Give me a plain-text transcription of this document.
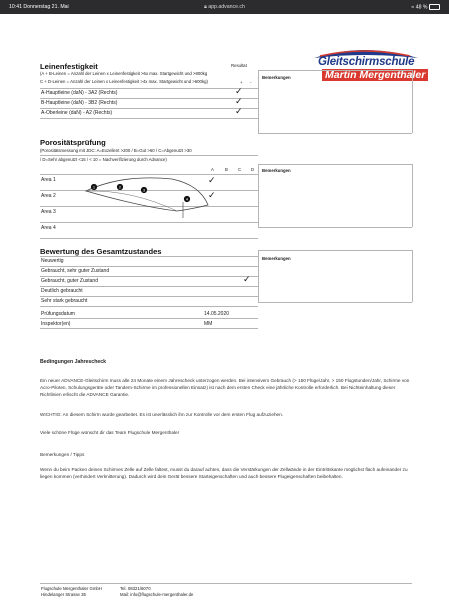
10:41 Donnerstag 21. Mai	🔒︎ app.advance.ch	≈ 48 %
Gleitschirmschule
Martin Mergenthaler
Leinenfestigkeit	Resultat
(A + B-Leinen = Anzahl der Leinen x Leinenfestigkeit >6x max. Startgewicht und >800kg
C + D-Leinen = Anzahl der Leinen x Leinenfestigkeit >4x max. Startgewicht und >600kg)	+ -
Bemerkungen
A-Hauptleine (daN) - 3A2 (Rechts)	✓
B-Hauptleine (daN) - 3B2 (Rechts)	✓
A-Oberleine (daN) - A2 (Rechts)	✓
Porositätsprüfung
(Porositätsmessung mit JDC: A=Exzellent >200 / B=Gut >60 / C=Abgenutzt >30
/ D=Sehr abgenutzt <15 / < 10 = Nachverifizierung durch Advance)
Bemerkungen
A	B C D
Area 1	✓
Area 2	✓
Area 3
Area 4
1	2
3
4
Bewertung des Gesamtzustandes
Bemerkungen
Neuwertig
Gebraucht, sehr guter Zustand
Gebraucht, guter Zustand	✓
Deutlich gebraucht
Sehr stark gebraucht
Prüfungsdatum	14.05.2020
Inspektor(en)	MM
Bedingungen Jahrescheck
Ein neuer ADVANCE-Gleitschirm muss alle 24 Monate einem Jahrescheck unterzogen werden. Bei intensivem Gebrauch (> 150 Flüge/Jahr, > 150 Flugstunden/Jahr, Schirme von Acro-Piloten, Schulungsgeräte oder Tandem-Schirme im professionellen Einsatz) ist nach dem ersten Check eine jährliche Kontrolle erforderlich. Bei Nichteinhaltung dieser Richtlinien erlischt die ADVANCE Garantie.
WICHTIG: An diesem Schirm wurde gearbeitet. Es ist unerlässlich ihn zur Kontrolle vor dem ersten Flug aufzuziehen.
Viele schöne Flüge wünscht dir das Team Flugschule Mergenthaler
Bemerkungen / Tipps
Wenn du beim Packen deines Schirmes Zelle auf Zelle faltest, musst du darauf achten, dass die Verstärkungen der Zellwände in der Eintrittskante möglichst flach aufeinander zu liegen kommen (verhindert Verknitterung). Dadurch wird dein Gerät bessere Starteigenschaften und auch bessere Flugeigenschaften beibehalten.
Flugschule Mergenthaler GmbH
Hindelanger Strasse 35
Tel. 08321/6070
Mail: info@flugschule-mergenthaler.de
